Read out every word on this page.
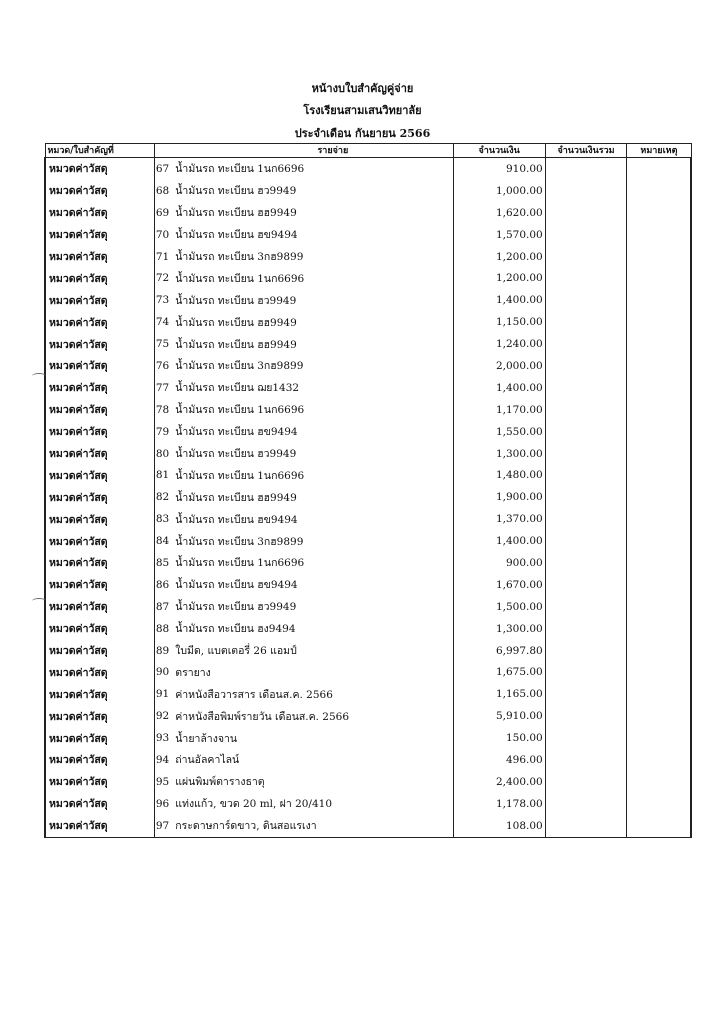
หน้างบใบสำคัญคู่จ่าย
โรงเรียนสามเสนวิทยาลัย
ประจำเดือน กันยายน 2566
หมวด/ใบสำคัญที่	รายจ่าย		จำนวนเงิน	จำนวนเงินรวม	หมายเหตุ
หมวดค่าวัสดุ	67	น้ำมันรถ ทะเบียน 1นก6696	910.00		
หมวดค่าวัสดุ	68	น้ำมันรถ ทะเบียน ฮว9949	1,000.00		
หมวดค่าวัสดุ	69	น้ำมันรถ ทะเบียน ฮฮ9949	1,620.00		
หมวดค่าวัสดุ	70	น้ำมันรถ ทะเบียน ฮข9494	1,570.00		
หมวดค่าวัสดุ	71	น้ำมันรถ ทะเบียน 3กฮ9899	1,200.00		
หมวดค่าวัสดุ	72	น้ำมันรถ ทะเบียน 1นก6696	1,200.00		
หมวดค่าวัสดุ	73	น้ำมันรถ ทะเบียน ฮว9949	1,400.00		
หมวดค่าวัสดุ	74	น้ำมันรถ ทะเบียน ฮฮ9949	1,150.00		
หมวดค่าวัสดุ	75	น้ำมันรถ ทะเบียน ฮฮ9949	1,240.00		
หมวดค่าวัสดุ	76	น้ำมันรถ ทะเบียน 3กฮ9899	2,000.00		
หมวดค่าวัสดุ	77	น้ำมันรถ ทะเบียน ฌย1432	1,400.00		
หมวดค่าวัสดุ	78	น้ำมันรถ ทะเบียน 1นก6696	1,170.00		
หมวดค่าวัสดุ	79	น้ำมันรถ ทะเบียน ฮข9494	1,550.00		
หมวดค่าวัสดุ	80	น้ำมันรถ ทะเบียน ฮว9949	1,300.00		
หมวดค่าวัสดุ	81	น้ำมันรถ ทะเบียน 1นก6696	1,480.00		
หมวดค่าวัสดุ	82	น้ำมันรถ ทะเบียน ฮฮ9949	1,900.00		
หมวดค่าวัสดุ	83	น้ำมันรถ ทะเบียน ฮข9494	1,370.00		
หมวดค่าวัสดุ	84	น้ำมันรถ ทะเบียน 3กฮ9899	1,400.00		
หมวดค่าวัสดุ	85	น้ำมันรถ ทะเบียน 1นก6696	900.00		
หมวดค่าวัสดุ	86	น้ำมันรถ ทะเบียน ฮข9494	1,670.00		
หมวดค่าวัสดุ	87	น้ำมันรถ ทะเบียน ฮว9949	1,500.00		
หมวดค่าวัสดุ	88	น้ำมันรถ ทะเบียน ฮง9494	1,300.00		
หมวดค่าวัสดุ	89	ใบมีด, แบตเตอรี่ 26 แอมป์	6,997.80		
หมวดค่าวัสดุ	90	ตรายาง	1,675.00		
หมวดค่าวัสดุ	91	ค่าหนังสือวารสาร เดือนส.ค. 2566	1,165.00		
หมวดค่าวัสดุ	92	ค่าหนังสือพิมพ์รายวัน เดือนส.ค. 2566	5,910.00		
หมวดค่าวัสดุ	93	น้ำยาล้างจาน	150.00		
หมวดค่าวัสดุ	94	ถ่านอัลคาไลน์	496.00		
หมวดค่าวัสดุ	95	แผ่นพิมพ์ตารางธาตุ	2,400.00		
หมวดค่าวัสดุ	96	แท่งแก้ว, ขวด 20 ml, ฝา 20/410	1,178.00		
หมวดค่าวัสดุ	97	กระดาษการ์ดขาว, ดินสอแรเงา	108.00		
